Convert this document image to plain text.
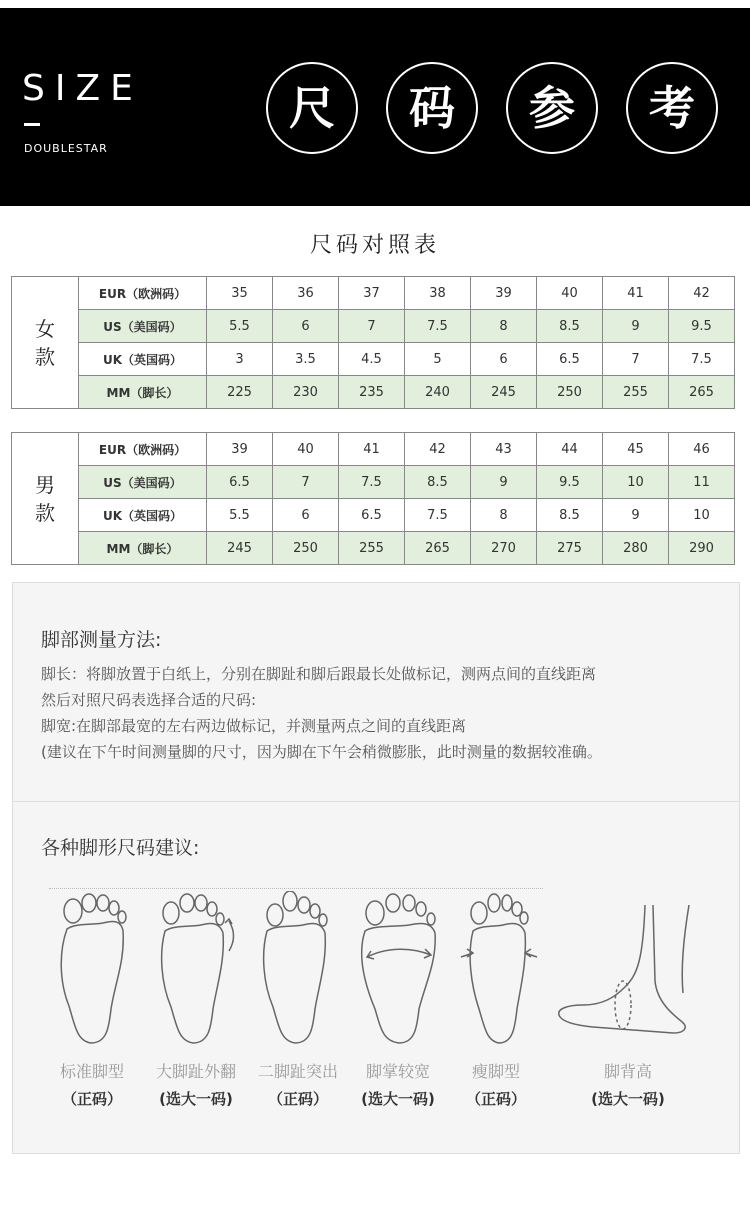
SIZE
DOUBLESTAR
尺	码	参	考
尺码对照表
女
款	EUR（欧洲码）	35	36	37	38	39	40	41	42
	US（美国码）	5.5	6	7	7.5	8	8.5	9	9.5
	UK（英国码）	3	3.5	4.5	5	6	6.5	7	7.5
	MM（脚长）	225	230	235	240	245	250	255	265
男
款	EUR（欧洲码）	39	40	41	42	43	44	45	46
	US（美国码）	6.5	7	7.5	8.5	9	9.5	10	11
	UK（英国码）	5.5	6	6.5	7.5	8	8.5	9	10
	MM（脚长）	245	250	255	265	270	275	280	290
脚部测量方法:
脚长：将脚放置于白纸上，分别在脚趾和脚后跟最长处做标记，测两点间的直线距离
然后对照尺码表选择合适的尺码:
脚宽:在脚部最宽的左右两边做标记，并测量两点之间的直线距离
(建议在下午时间测量脚的尺寸，因为脚在下午会稍微膨胀，此时测量的数据较准确。
各种脚形尺码建议:
标准脚型
（正码）
大脚趾外翻
(选大一码)
二脚趾突出
（正码）
脚掌较宽
(选大一码)
瘦脚型
（正码）
脚背高
(选大一码)
